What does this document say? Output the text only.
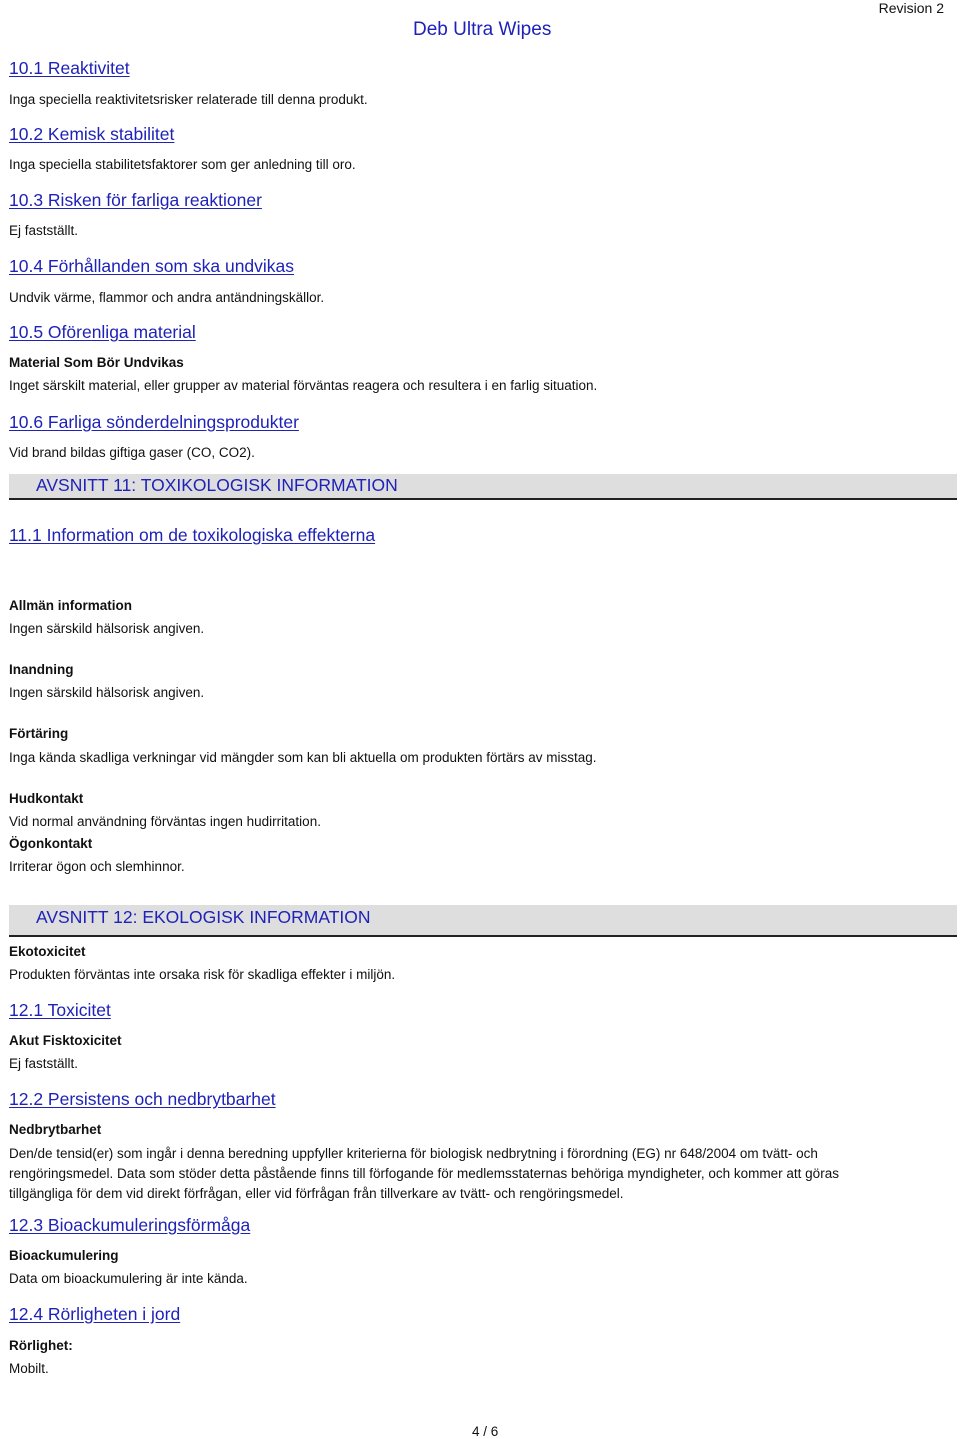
Deb Ultra Wipes
Revision 2
10.1 Reaktivitet
Inga speciella reaktivitetsrisker relaterade till denna produkt.
10.2 Kemisk stabilitet
Inga speciella stabilitetsfaktorer som ger anledning till oro.
10.3 Risken för farliga reaktioner
Ej fastställt.
10.4 Förhållanden som ska undvikas
Undvik värme, flammor och andra antändningskällor.
10.5 Oförenliga material
Material Som Bör Undvikas
Inget särskilt material, eller grupper av material förväntas reagera och resultera i en farlig situation.
10.6 Farliga sönderdelningsprodukter
Vid brand bildas giftiga gaser (CO, CO2).
AVSNITT 11: TOXIKOLOGISK INFORMATION
11.1 Information om de toxikologiska effekterna
Allmän information
Ingen särskild hälsorisk angiven.
Inandning
Ingen särskild hälsorisk angiven.
Förtäring
Inga kända skadliga verkningar vid mängder som kan bli aktuella om produkten förtärs av misstag.
Hudkontakt
Vid normal användning förväntas ingen hudirritation.
Ögonkontakt
Irriterar ögon och slemhinnor.
AVSNITT 12: EKOLOGISK INFORMATION
Ekotoxicitet
Produkten förväntas inte orsaka risk för skadliga effekter i miljön.
12.1 Toxicitet
Akut Fisktoxicitet
Ej fastställt.
12.2 Persistens och nedbrytbarhet
Nedbrytbarhet
Den/de tensid(er) som ingår i denna beredning uppfyller kriterierna för biologisk nedbrytning i förordning (EG) nr 648/2004 om tvätt- och rengöringsmedel. Data som stöder detta påstående finns till förfogande för medlemsstaternas behöriga myndigheter, och kommer att göras tillgängliga för dem vid direkt förfrågan, eller vid förfrågan från tillverkare av tvätt- och rengöringsmedel.
12.3 Bioackumuleringsförmåga
Bioackumulering
Data om bioackumulering är inte kända.
12.4 Rörligheten i jord
Rörlighet:
Mobilt.
4 / 6
